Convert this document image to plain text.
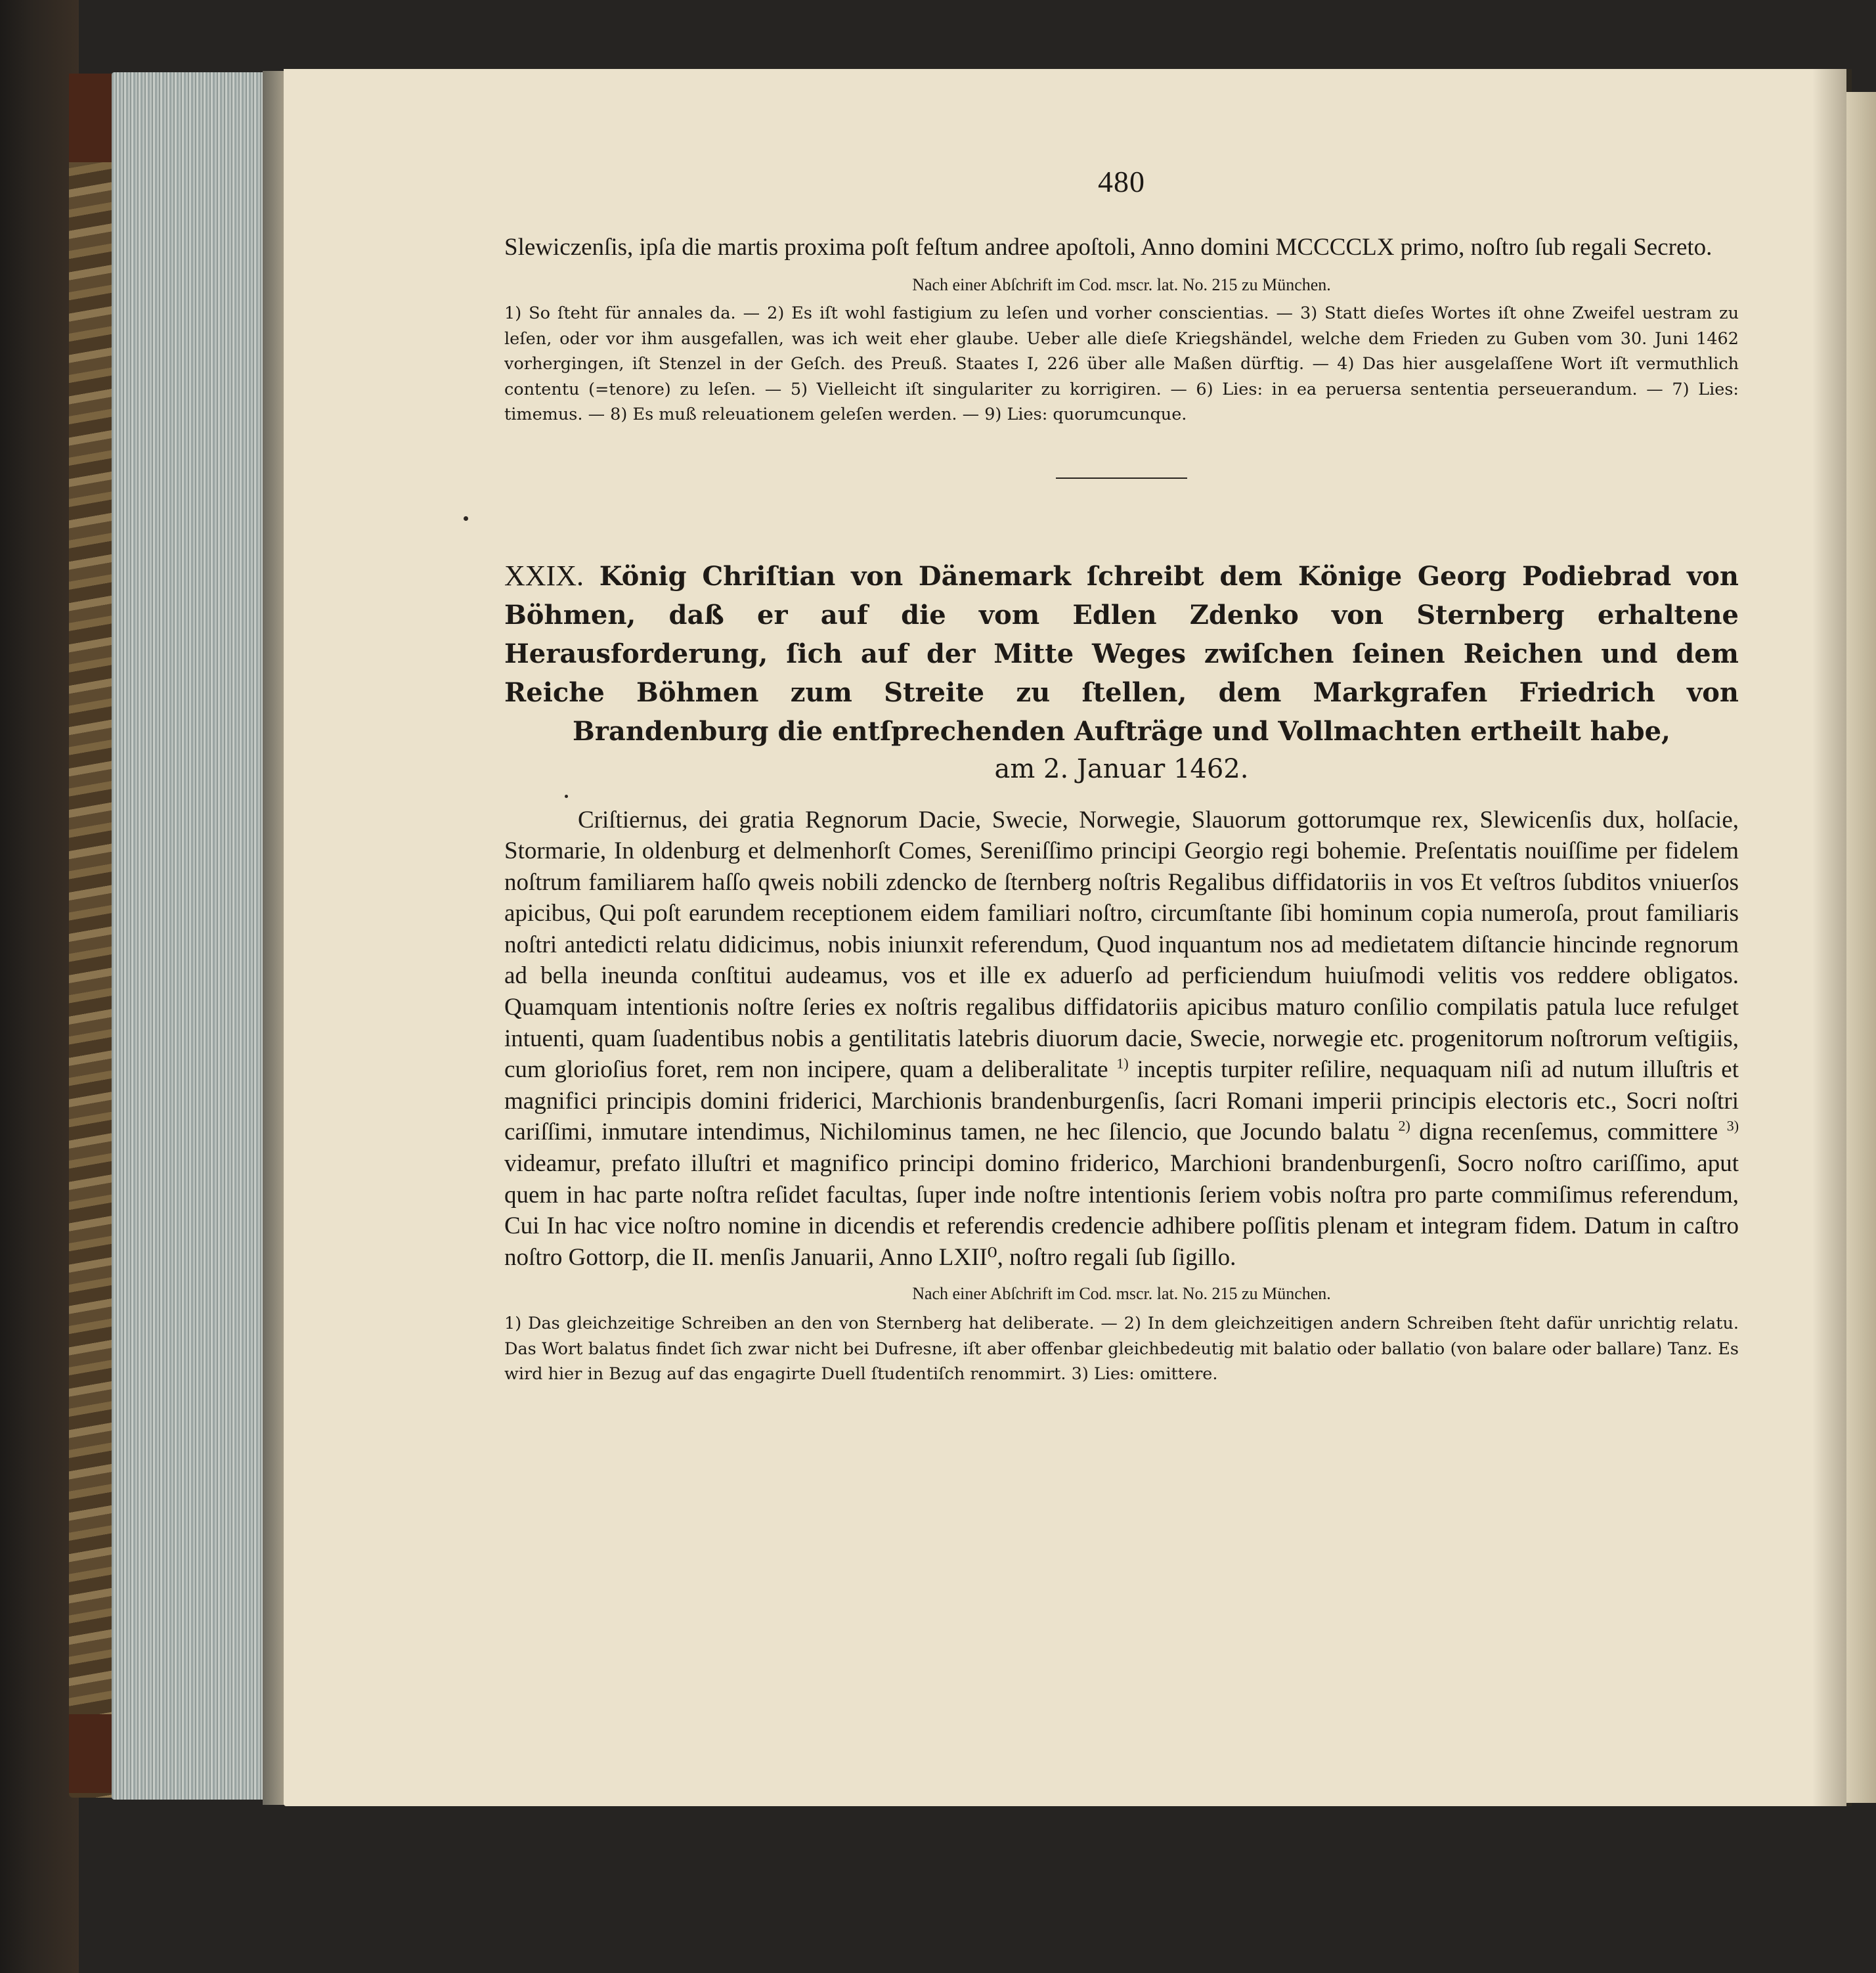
480

Slewiczenſis, ipſa die martis proxima poſt feſtum andree apoſtoli, Anno domini MCCCCLX primo, noſtro ſub regali Secreto.

Nach einer Abſchrift im Cod. mscr. lat. No. 215 zu München.

1) So ſteht für annales da. — 2) Es iſt wohl fastigium zu leſen und vorher conscientias. — 3) Statt dieſes Wortes iſt ohne Zweifel uestram zu leſen, oder vor ihm ausgefallen, was ich weit eher glaube. Ueber alle dieſe Kriegshändel, welche dem Frieden zu Guben vom 30. Juni 1462 vorhergingen, iſt Stenzel in der Geſch. des Preuß. Staates I, 226 über alle Maßen dürftig. — 4) Das hier ausgelaſſene Wort iſt vermuthlich contentu (=tenore) zu leſen. — 5) Vielleicht iſt singulariter zu korrigiren. — 6) Lies: in ea peruersa sententia perseuerandum. — 7) Lies: timemus. — 8) Es muß releuationem geleſen werden. — 9) Lies: quorumcunque.

XXIX. König Chriſtian von Dänemark ſchreibt dem Könige Georg Podiebrad von Böhmen, daß er auf die vom Edlen Zdenko von Sternberg erhaltene Herausforderung, ſich auf der Mitte Weges zwiſchen ſeinen Reichen und dem Reiche Böhmen zum Streite zu ſtellen, dem Markgrafen Friedrich von Brandenburg die entſprechenden Aufträge und Vollmachten ertheilt habe,

am 2. Januar 1462.

Criſtiernus, dei gratia Regnorum Dacie, Swecie, Norwegie, Slauorum gottorumque rex, Slewicenſis dux, holſacie, Stormarie, In oldenburg et delmenhorſt Comes, Sereniſſimo principi Georgio regi bohemie. Preſentatis nouiſſime per fidelem noſtrum familiarem haſſo qweis nobili zdencko de ſternberg noſtris Regalibus diffidatoriis in vos Et veſtros ſubditos vniuerſos apicibus, Qui poſt earundem receptionem eidem familiari noſtro, circumſtante ſibi hominum copia numeroſa, prout familiaris noſtri antedicti relatu didicimus, nobis iniunxit referendum, Quod inquantum nos ad medietatem diſtancie hincinde regnorum ad bella ineunda conſtitui audeamus, vos et ille ex aduerſo ad perficiendum huiuſmodi velitis vos reddere obligatos. Quamquam intentionis noſtre ſeries ex noſtris regalibus diffidatoriis apicibus maturo conſilio compilatis patula luce refulget intuenti, quam ſuadentibus nobis a gentilitatis latebris diuorum dacie, Swecie, norwegie etc. progenitorum noſtrorum veſtigiis, cum glorioſius foret, rem non incipere, quam a deliberalitate $^{1)}$ inceptis turpiter reſilire, nequaquam niſi ad nutum illuſtris et magnifici principis domini friderici, Marchionis brandenburgenſis, ſacri Romani imperii principis electoris etc., Socri noſtri cariſſimi, inmutare intendimus, Nichilominus tamen, ne hec ſilencio, que Jocundo balatu $^{2)}$ digna recenſemus, committere $^{3)}$ videamur, prefato illuſtri et magnifico principi domino friderico, Marchioni brandenburgenſi, Socro noſtro cariſſimo, aput quem in hac parte noſtra reſidet facultas, ſuper inde noſtre intentionis ſeriem vobis noſtra pro parte commiſimus referendum, Cui In hac vice noſtro nomine in dicendis et referendis credencie adhibere poſſitis plenam et integram fidem. Datum in caſtro noſtro Gottorp, die II. menſis Januarii, Anno LXII⁰, noſtro regali ſub ſigillo.

Nach einer Abſchrift im Cod. mscr. lat. No. 215 zu München.

1) Das gleichzeitige Schreiben an den von Sternberg hat deliberate. — 2) In dem gleichzeitigen andern Schreiben ſteht dafür unrichtig relatu. Das Wort balatus findet ſich zwar nicht bei Dufresne, iſt aber offenbar gleichbedeutig mit balatio oder ballatio (von balare oder ballare) Tanz. Es wird hier in Bezug auf das engagirte Duell ſtudentiſch renommirt. 3) Lies: omittere.
